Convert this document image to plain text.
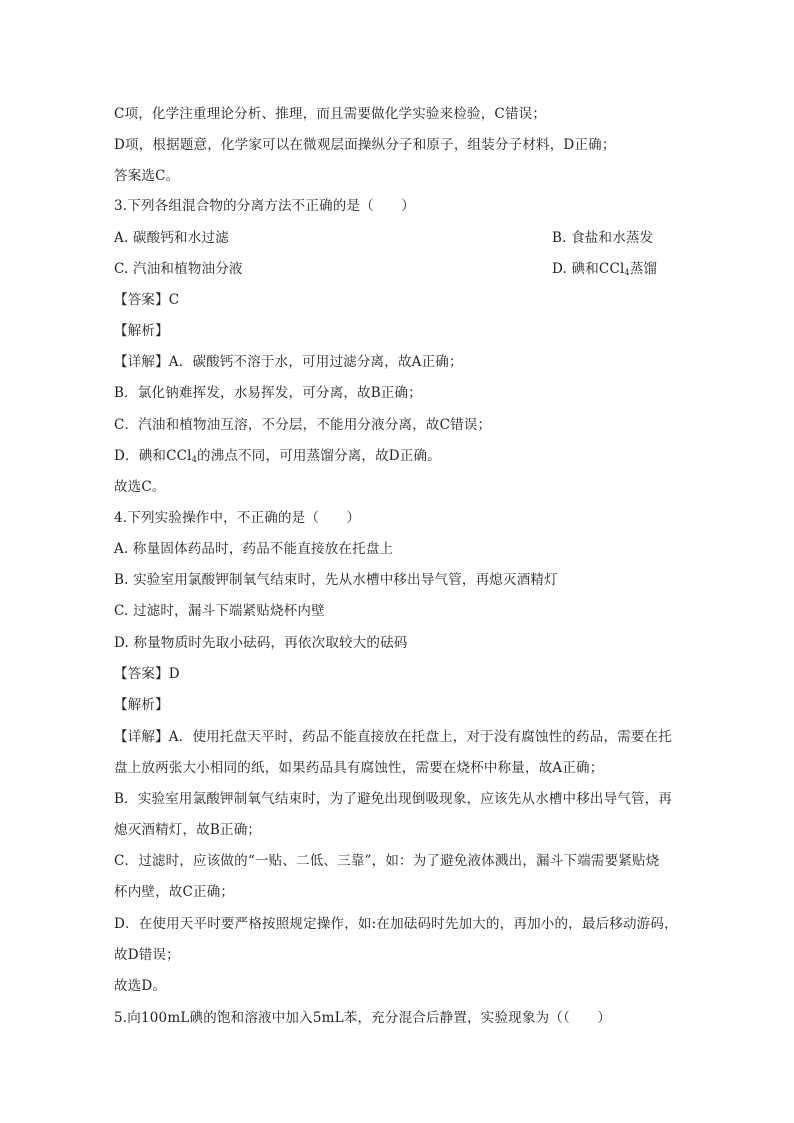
C项，化学注重理论分析、推理，而且需要做化学实验来检验，C错误；
D项，根据题意，化学家可以在微观层面操纵分子和原子，组装分子材料，D正确；
答案选C。
3.下列各组混合物的分离方法不正确的是（　　）
A. 碳酸钙和水过滤	B. 食盐和水蒸发
C. 汽油和植物油分液	D. 碘和CCl$_4$蒸馏
【答案】C
【解析】
【详解】A．碳酸钙不溶于水，可用过滤分离，故A正确；
B．氯化钠难挥发，水易挥发，可分离，故B正确；
C．汽油和植物油互溶，不分层，不能用分液分离，故C错误；
D．碘和CCl$_4$的沸点不同，可用蒸馏分离，故D正确。
故选C。
4.下列实验操作中，不正确的是（　　）
A. 称量固体药品时，药品不能直接放在托盘上
B. 实验室用氯酸钾制氧气结束时，先从水槽中移出导气管，再熄灭酒精灯
C. 过滤时，漏斗下端紧贴烧杯内壁
D. 称量物质时先取小砝码，再依次取较大的砝码
【答案】D
【解析】
【详解】A．使用托盘天平时，药品不能直接放在托盘上，对于没有腐蚀性的药品，需要在托
盘上放两张大小相同的纸，如果药品具有腐蚀性，需要在烧杯中称量，故A正确；
B．实验室用氯酸钾制氧气结束时，为了避免出现倒吸现象，应该先从水槽中移出导气管，再
熄灭酒精灯，故B正确；
C．过滤时，应该做的“一贴、二低、三靠”，如：为了避免液体溅出，漏斗下端需要紧贴烧
杯内壁，故C正确；
D．在使用天平时要严格按照规定操作，如:在加砝码时先加大的，再加小的，最后移动游码，
故D错误；
故选D。
5.向100mL碘的饱和溶液中加入5mL苯，充分混合后静置，实验现象为（（　　）
